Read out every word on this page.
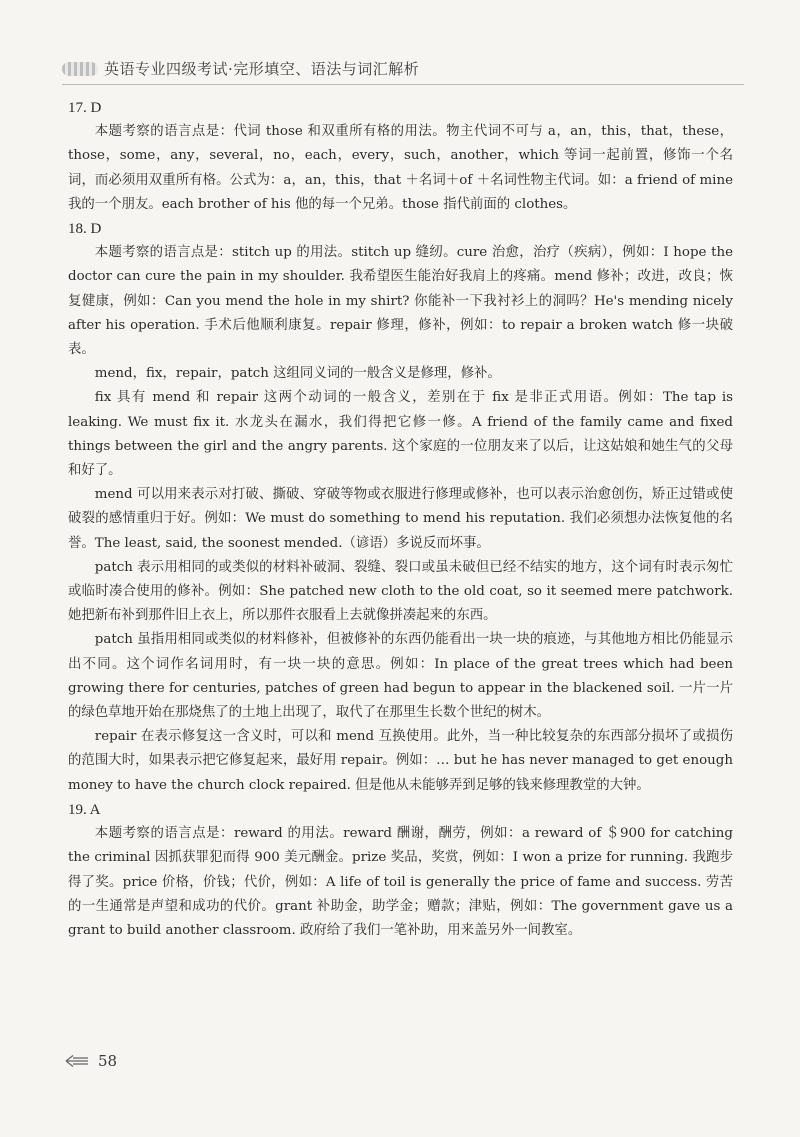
英语专业四级考试·完形填空、语法与词汇解析

17. D

本题考察的语言点是：代词 those 和双重所有格的用法。物主代词不可与 a，an，this，that，these，those，some，any，several，no，each，every，such，another，which 等词一起前置，修饰一个名词，而必须用双重所有格。公式为：a，an，this，that ＋名词＋of ＋名词性物主代词。如：a friend of mine 我的一个朋友。each brother of his 他的每一个兄弟。those 指代前面的 clothes。

18. D

本题考察的语言点是：stitch up 的用法。stitch up 缝纫。cure 治愈，治疗（疾病），例如：I hope the doctor can cure the pain in my shoulder. 我希望医生能治好我肩上的疼痛。mend 修补；改进，改良；恢复健康，例如：Can you mend the hole in my shirt? 你能补一下我衬衫上的洞吗？He's mending nicely after his operation. 手术后他顺利康复。repair 修理，修补，例如：to repair a broken watch 修一块破表。

mend，fix，repair，patch 这组同义词的一般含义是修理，修补。

fix 具有 mend 和 repair 这两个动词的一般含义，差别在于 fix 是非正式用语。例如：The tap is leaking. We must fix it. 水龙头在漏水，我们得把它修一修。A friend of the family came and fixed things between the girl and the angry parents. 这个家庭的一位朋友来了以后，让这姑娘和她生气的父母和好了。

mend 可以用来表示对打破、撕破、穿破等物或衣服进行修理或修补，也可以表示治愈创伤，矫正过错或使破裂的感情重归于好。例如：We must do something to mend his reputation. 我们必须想办法恢复他的名誉。The least, said, the soonest mended.（谚语）多说反而坏事。

patch 表示用相同的或类似的材料补破洞、裂缝、裂口或虽未破但已经不结实的地方，这个词有时表示匆忙或临时凑合使用的修补。例如：She patched new cloth to the old coat, so it seemed mere patchwork. 她把新布补到那件旧上衣上，所以那件衣服看上去就像拼凑起来的东西。

patch 虽指用相同或类似的材料修补，但被修补的东西仍能看出一块一块的痕迹，与其他地方相比仍能显示出不同。这个词作名词用时，有一块一块的意思。例如：In place of the great trees which had been growing there for centuries, patches of green had begun to appear in the blackened soil. 一片一片的绿色草地开始在那烧焦了的土地上出现了，取代了在那里生长数个世纪的树木。

repair 在表示修复这一含义时，可以和 mend 互换使用。此外，当一种比较复杂的东西部分损坏了或损伤的范围大时，如果表示把它修复起来，最好用 repair。例如：… but he has never managed to get enough money to have the church clock repaired. 但是他从未能够弄到足够的钱来修理教堂的大钟。

19. A

本题考察的语言点是：reward 的用法。reward 酬谢，酬劳，例如：a reward of ＄900 for catching the criminal 因抓获罪犯而得 900 美元酬金。prize 奖品，奖赏，例如：I won a prize for running. 我跑步得了奖。price 价格，价钱；代价，例如：A life of toil is generally the price of fame and success. 劳苦的一生通常是声望和成功的代价。grant 补助金，助学金；赠款；津贴，例如：The government gave us a grant to build another classroom. 政府给了我们一笔补助，用来盖另外一间教室。

58
